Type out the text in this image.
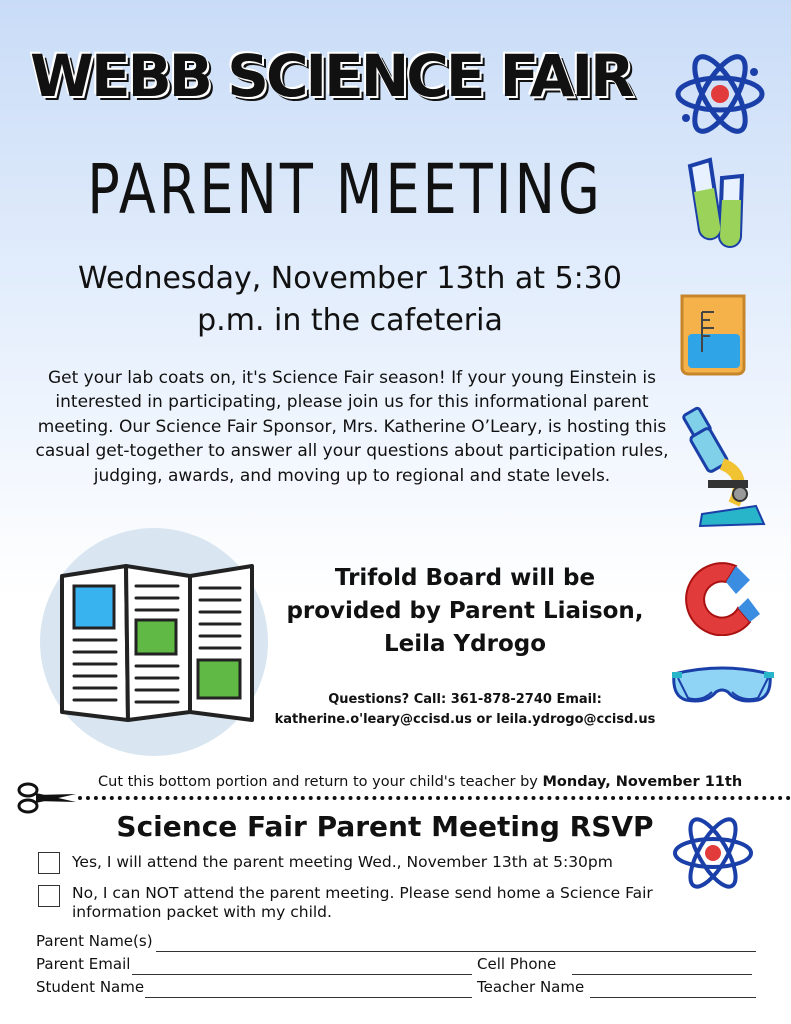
WEBB SCIENCE FAIR
PARENT MEETING
Wednesday, November 13th at 5:30
p.m. in the cafeteria
Get your lab coats on, it's Science Fair season! If your young Einstein is interested in participating, please join us for this informational parent meeting. Our Science Fair Sponsor, Mrs. Katherine O’Leary, is hosting this casual get-together to answer all your questions about participation rules, judging, awards, and moving up to regional and state levels.
Trifold Board will be
provided by Parent Liaison,
Leila Ydrogo
Questions? Call: 361-878-2740 Email:
katherine.o'leary@ccisd.us or leila.ydrogo@ccisd.us
Cut this bottom portion and return to your child's teacher by Monday, November 11th
Science Fair Parent Meeting RSVP
Yes, I will attend the parent meeting Wed., November 13th at 5:30pm
No, I can NOT attend the parent meeting. Please send home a Science Fair
information packet with my child.
Parent Name(s)
Parent Email	Cell Phone
Student Name	Teacher Name
